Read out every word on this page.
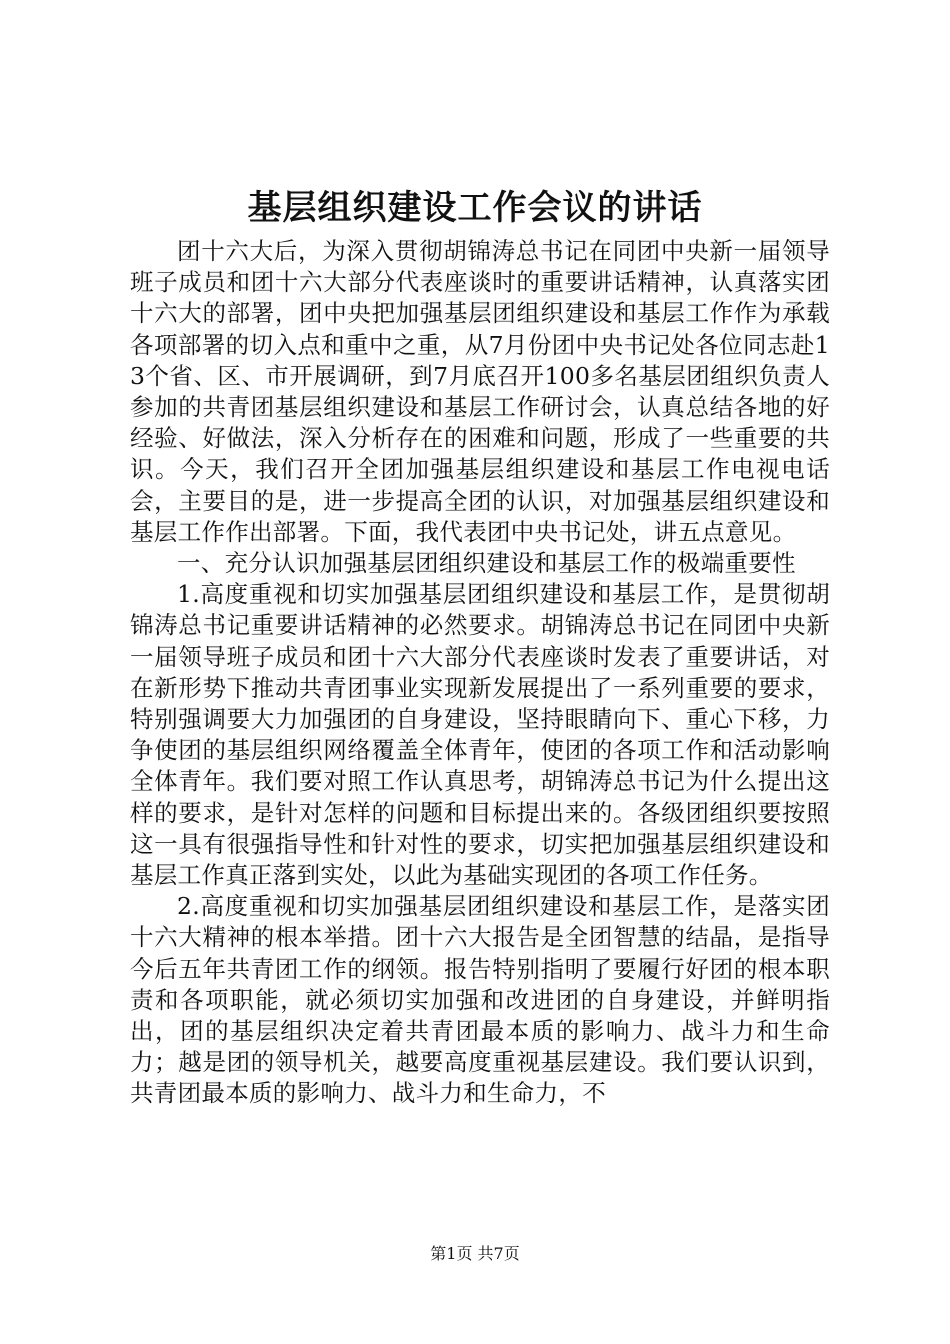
基层组织建设工作会议的讲话

团十六大后，为深入贯彻胡锦涛总书记在同团中央新一届领导班子成员和团十六大部分代表座谈时的重要讲话精神，认真落实团十六大的部署，团中央把加强基层团组织建设和基层工作作为承载各项部署的切入点和重中之重，从7月份团中央书记处各位同志赴13个省、区、市开展调研，到7月底召开100多名基层团组织负责人参加的共青团基层组织建设和基层工作研讨会，认真总结各地的好经验、好做法，深入分析存在的困难和问题，形成了一些重要的共识。今天，我们召开全团加强基层组织建设和基层工作电视电话会，主要目的是，进一步提高全团的认识，对加强基层组织建设和基层工作作出部署。下面，我代表团中央书记处，讲五点意见。

一、充分认识加强基层团组织建设和基层工作的极端重要性

1.高度重视和切实加强基层团组织建设和基层工作，是贯彻胡锦涛总书记重要讲话精神的必然要求。胡锦涛总书记在同团中央新一届领导班子成员和团十六大部分代表座谈时发表了重要讲话，对在新形势下推动共青团事业实现新发展提出了一系列重要的要求，特别强调要大力加强团的自身建设，坚持眼睛向下、重心下移，力争使团的基层组织网络覆盖全体青年，使团的各项工作和活动影响全体青年。我们要对照工作认真思考，胡锦涛总书记为什么提出这样的要求，是针对怎样的问题和目标提出来的。各级团组织要按照这一具有很强指导性和针对性的要求，切实把加强基层组织建设和基层工作真正落到实处，以此为基础实现团的各项工作任务。

2.高度重视和切实加强基层团组织建设和基层工作，是落实团十六大精神的根本举措。团十六大报告是全团智慧的结晶，是指导今后五年共青团工作的纲领。报告特别指明了要履行好团的根本职责和各项职能，就必须切实加强和改进团的自身建设，并鲜明指出，团的基层组织决定着共青团最本质的影响力、战斗力和生命力；越是团的领导机关，越要高度重视基层建设。我们要认识到，共青团最本质的影响力、战斗力和生命力，不

第1页 共7页
